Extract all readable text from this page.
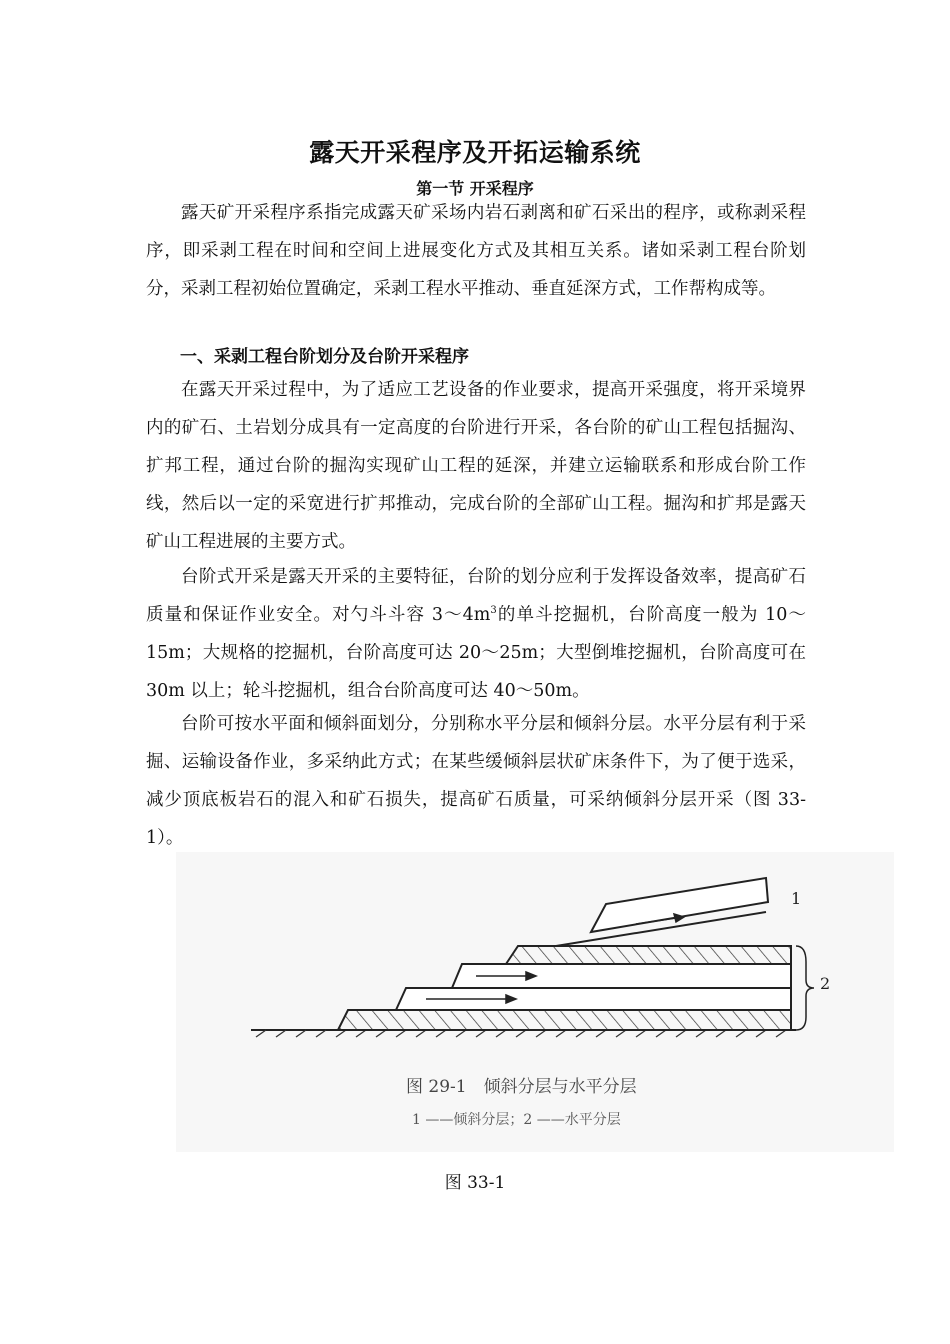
露天开采程序及开拓运输系统
第一节 开采程序

露天矿开采程序系指完成露天矿采场内岩石剥离和矿石采出的程序，或称剥采程序，即采剥工程在时间和空间上进展变化方式及其相互关系。诸如采剥工程台阶划分，采剥工程初始位置确定，采剥工程水平推动、垂直延深方式，工作帮构成等。

一、采剥工程台阶划分及台阶开采程序

在露天开采过程中，为了适应工艺设备的作业要求，提高开采强度，将开采境界内的矿石、土岩划分成具有一定高度的台阶进行开采，各台阶的矿山工程包括掘沟、扩邦工程，通过台阶的掘沟实现矿山工程的延深，并建立运输联系和形成台阶工作线，然后以一定的采宽进行扩邦推动，完成台阶的全部矿山工程。掘沟和扩邦是露天矿山工程进展的主要方式。

台阶式开采是露天开采的主要特征，台阶的划分应利于发挥设备效率，提高矿石质量和保证作业安全。对勺斗斗容 $3\sim 4m^3$的单斗挖掘机，台阶高度一般为 10～15m；大规格的挖掘机，台阶高度可达 20～25m；大型倒堆挖掘机，台阶高度可在 30m 以上；轮斗挖掘机，组合台阶高度可达 40～50m。

台阶可按水平面和倾斜面划分，分别称水平分层和倾斜分层。水平分层有利于采掘、运输设备作业，多采纳此方式；在某些缓倾斜层状矿床条件下，为了便于选采，减少顶底板岩石的混入和矿石损失，提高矿石质量，可采纳倾斜分层开采（图 33-1）。

1
2
图 29-1　倾斜分层与水平分层
1 ——倾斜分层；2 ——水平分层
图 33-1
